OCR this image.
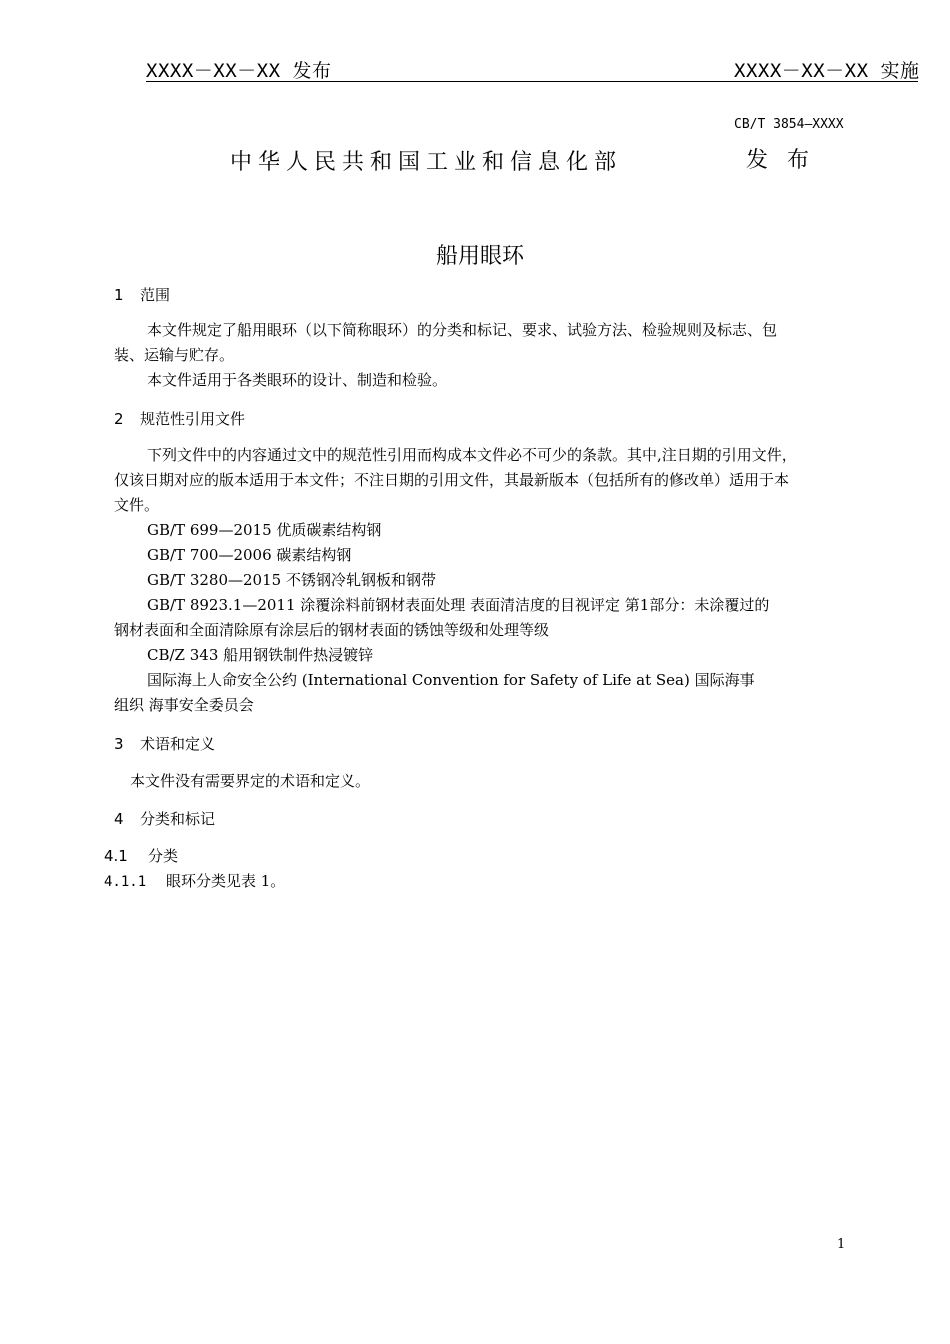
XXXX－XX－XX 发布	XXXX－XX－XX 实施
CB/T 3854—XXXX
中华人民共和国工业和信息化部	发 布
船用眼环
1 范围
本文件规定了船用眼环（以下简称眼环）的分类和标记、要求、试验方法、检验规则及标志、包
装、运输与贮存。
本文件适用于各类眼环的设计、制造和检验。
2 规范性引用文件
下列文件中的内容通过文中的规范性引用而构成本文件必不可少的条款。其中,注日期的引用文件，
仅该日期对应的版本适用于本文件；不注日期的引用文件，其最新版本（包括所有的修改单）适用于本
文件。
GB/T 699—2015 优质碳素结构钢
GB/T 700—2006 碳素结构钢
GB/T 3280—2015 不锈钢冷轧钢板和钢带
GB/T 8923.1—2011 涂覆涂料前钢材表面处理 表面清洁度的目视评定 第1部分：未涂覆过的
钢材表面和全面清除原有涂层后的钢材表面的锈蚀等级和处理等级
CB/Z 343 船用钢铁制件热浸镀锌
国际海上人命安全公约 (International Convention for Safety of Life at Sea) 国际海事
组织 海事安全委员会
3 术语和定义
本文件没有需要界定的术语和定义。
4 分类和标记
4.1 分类
4.1.1 眼环分类见表 1。
1
